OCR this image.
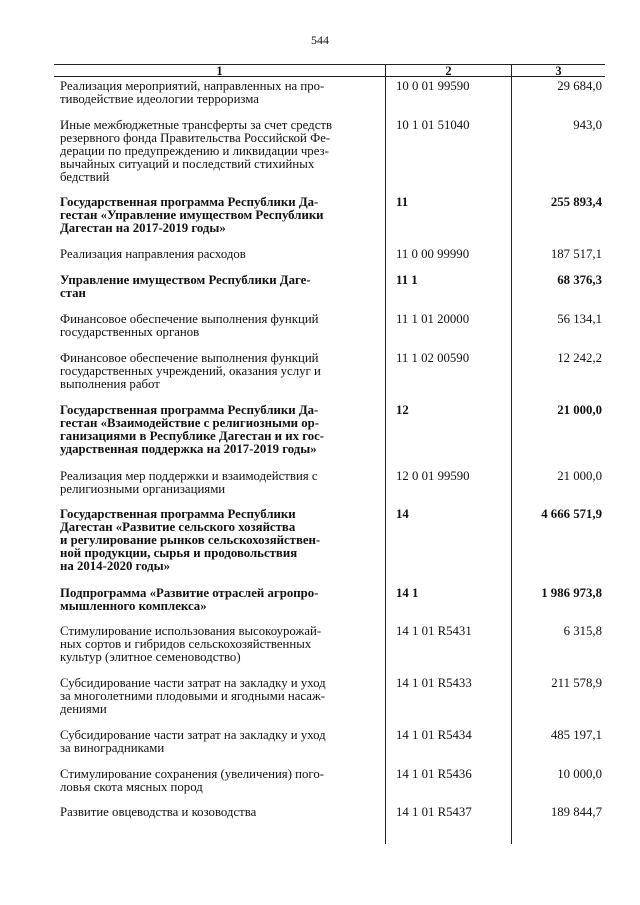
544
1	2	3
Реализация мероприятий, направленных на про-
тиводействие идеологии терроризма
10 0 01 99590	29 684,0
Иные межбюджетные трансферты за счет средств
резервного фонда Правительства Российской Фе-
дерации по предупреждению и ликвидации чрез-
вычайных ситуаций и последствий стихийных
бедствий
10 1 01 51040	943,0
Государственная программа Республики Да-
гестан «Управление имуществом Республики
Дагестан на 2017-2019 годы»
11	255 893,4
Реализация направления расходов	11 0 00 99990	187 517,1
Управление имуществом Республики Даге-
стан
11 1	68 376,3
Финансовое обеспечение выполнения функций
государственных органов
11 1 01 20000	56 134,1
Финансовое обеспечение выполнения функций
государственных учреждений, оказания услуг и
выполнения работ
11 1 02 00590	12 242,2
Государственная программа Республики Да-
гестан «Взаимодействие с религиозными ор-
ганизациями в Республике Дагестан и их гос-
ударственная поддержка на 2017-2019 годы»
12	21 000,0
Реализация мер поддержки и взаимодействия с
религиозными организациями
12 0 01 99590	21 000,0
Государственная программа Республики
Дагестан «Развитие сельского хозяйства
и регулирование рынков сельскохозяйствен-
ной продукции, сырья и продовольствия
на 2014-2020 годы»
14	4 666 571,9
Подпрограмма «Развитие отраслей агропро-
мышленного комплекса»
14 1	1 986 973,8
Стимулирование использования высокоурожай-
ных сортов и гибридов сельскохозяйственных
культур (элитное семеноводство)
14 1 01 R5431	6 315,8
Субсидирование части затрат на закладку и уход
за многолетними плодовыми и ягодными насаж-
дениями
14 1 01 R5433	211 578,9
Субсидирование части затрат на закладку и уход
за виноградниками
14 1 01 R5434	485 197,1
Стимулирование сохранения (увеличения) пого-
ловья скота мясных пород
14 1 01 R5436	10 000,0
Развитие овцеводства и козоводства	14 1 01 R5437	189 844,7
